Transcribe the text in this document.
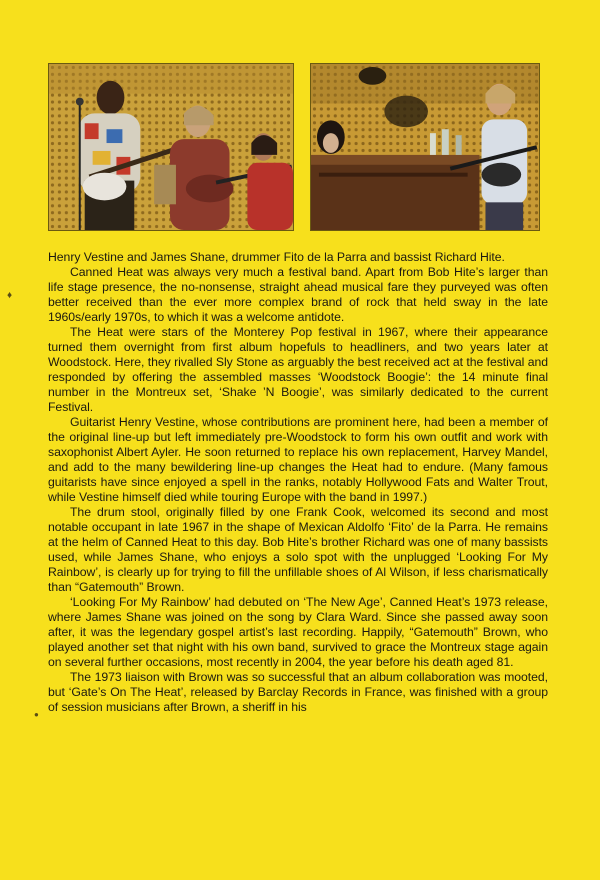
♦
●

Henry Vestine and James Shane, drummer Fito de la Parra and bassist Richard Hite.

Canned Heat was always very much a festival band. Apart from Bob Hite’s larger than life stage presence, the no-nonsense, straight ahead musical fare they purveyed was often better received than the ever more complex brand of rock that held sway in the late 1960s/early 1970s, to which it was a welcome antidote.

The Heat were stars of the Monterey Pop festival in 1967, where their appearance turned them overnight from first album hopefuls to headliners, and two years later at Woodstock. Here, they rivalled Sly Stone as arguably the best received act at the festival and responded by offering the assembled masses ‘Woodstock Boogie’: the 14 minute final number in the Montreux set, ‘Shake ’N Boogie’, was similarly dedicated to the current Festival.

Guitarist Henry Vestine, whose contributions are prominent here, had been a member of the original line-up but left immediately pre-Woodstock to form his own outfit and work with saxophonist Albert Ayler. He soon returned to replace his own replacement, Harvey Mandel, and add to the many bewildering line-up changes the Heat had to endure. (Many famous guitarists have since enjoyed a spell in the ranks, notably Hollywood Fats and Walter Trout, while Vestine himself died while touring Europe with the band in 1997.)

The drum stool, originally filled by one Frank Cook, welcomed its second and most notable occupant in late 1967 in the shape of Mexican Aldolfo ‘Fito’ de la Parra. He remains at the helm of Canned Heat to this day. Bob Hite’s brother Richard was one of many bassists used, while James Shane, who enjoys a solo spot with the unplugged ‘Looking For My Rainbow’, is clearly up for trying to fill the unfillable shoes of Al Wilson, if less charismatically than “Gatemouth” Brown.

‘Looking For My Rainbow’ had debuted on ‘The New Age’, Canned Heat’s 1973 release, where James Shane was joined on the song by Clara Ward. Since she passed away soon after, it was the legendary gospel artist’s last recording. Happily, “Gatemouth” Brown, who played another set that night with his own band, survived to grace the Montreux stage again on several further occasions, most recently in 2004, the year before his death aged 81.

The 1973 liaison with Brown was so successful that an album collaboration was mooted, but ‘Gate’s On The Heat’, released by Barclay Records in France, was finished with a group of session musicians after Brown, a sheriff in his
